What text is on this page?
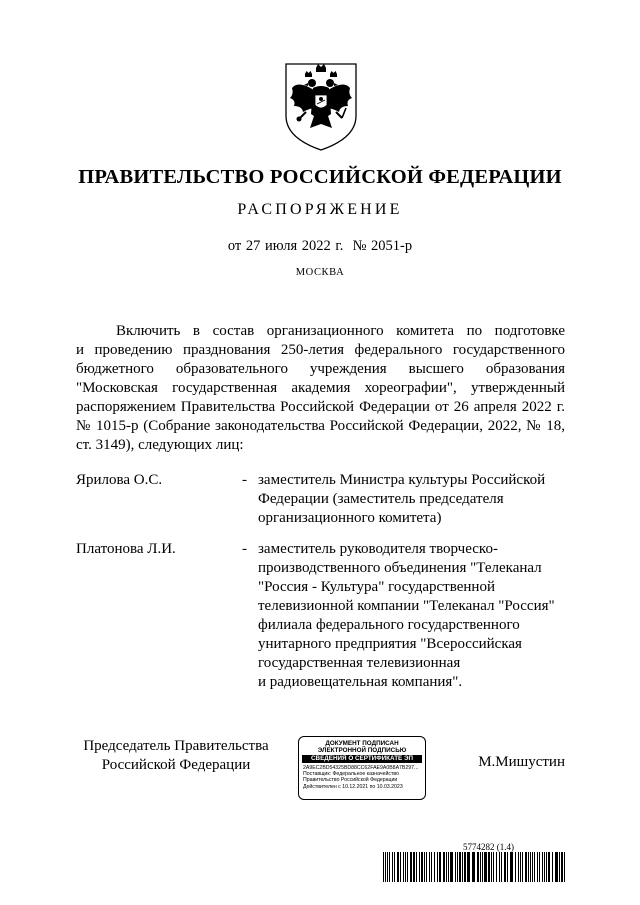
ПРАВИТЕЛЬСТВО РОССИЙСКОЙ ФЕДЕРАЦИИ
РАСПОРЯЖЕНИЕ
от 27 июля 2022 г.  № 2051-р
МОСКВА
Включить в состав организационного комитета по подготовке
и проведению празднования 250-летия федерального государственного
бюджетного образовательного учреждения высшего образования
"Московская государственная академия хореографии", утвержденный
распоряжением Правительства Российской Федерации от 26 апреля 2022 г.
№ 1015-р (Собрание законодательства Российской Федерации, 2022, № 18,
ст. 3149), следующих лиц:
Ярилова О.С.	- заместитель Министра культуры Российской
Федерации (заместитель председателя
организационного комитета)
Платонова Л.И.	- заместитель руководителя творческо-
производственного объединения "Телеканал
"Россия - Культура" государственной
телевизионной компании "Телеканал "Россия"
филиала федерального государственного
унитарного предприятия "Всероссийская
государственная телевизионная
и радиовещательная компания".
Председатель Правительства
Российской Федерации
ДОКУМЕНТ ПОДПИСАН
ЭЛЕКТРОННОЙ ПОДПИСЬЮ
СВЕДЕНИЯ О СЕРТИФИКАТЕ ЭП
2A9EC2BD54325BD88CC62FAE9A0B8A7B297...
Поставщик: Федеральное казначейство
Правительство Российской Федерации
Действителен с 10.12.2021 по 10.03.2023
М.Мишустин
5774282 (1.4)
